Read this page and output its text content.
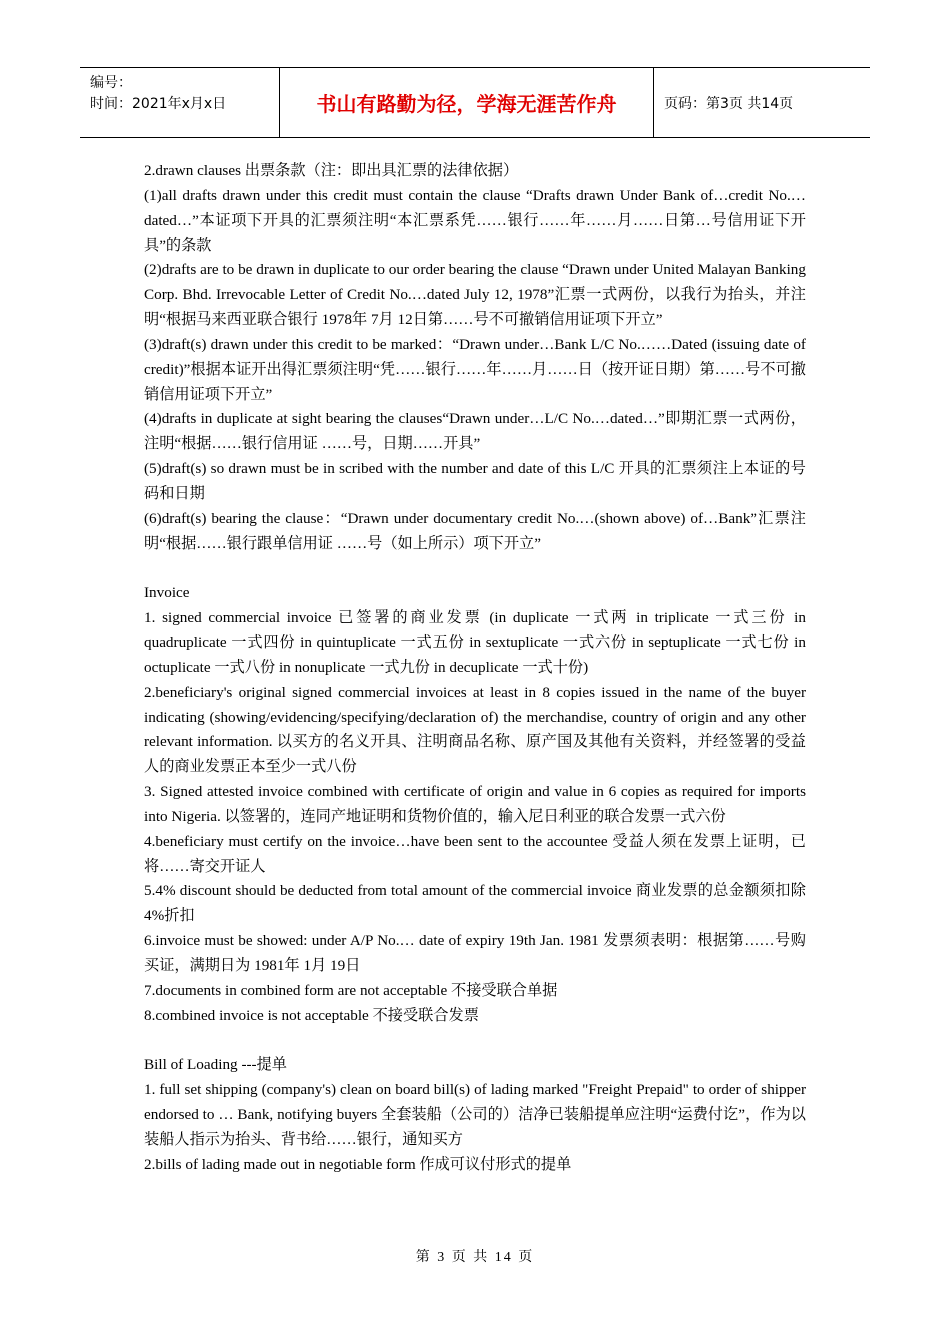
编号：
时间：2021年x月x日	书山有路勤为径，学海无涯苦作舟	页码：第3页 共14页

2.drawn clauses 出票条款（注：即出具汇票的法律依据）

(1)all drafts drawn under this credit must contain the clause “Drafts drawn Under Bank of…credit No.…dated…”本证项下开具的汇票须注明“本汇票系凭……银行……年……月……日第…号信用证下开具”的条款

(2)drafts are to be drawn in duplicate to our order bearing the clause “Drawn under United Malayan Banking Corp. Bhd. Irrevocable Letter of Credit No.…dated July 12, 1978”汇票一式两份，以我行为抬头，并注明“根据马来西亚联合银行 1978年 7月 12日第……号不可撤销信用证项下开立”

(3)draft(s) drawn under this credit to be marked：“Drawn under…Bank L/C No.……Dated (issuing date of credit)”根据本证开出得汇票须注明“凭……银行……年……月……日（按开证日期）第……号不可撤销信用证项下开立”

(4)drafts in duplicate at sight bearing the clauses“Drawn under…L/C No.…dated…”即期汇票一式两份，注明“根据……银行信用证 ……号，日期……开具”

(5)draft(s) so drawn must be in scribed with the number and date of this L/C 开具的汇票须注上本证的号码和日期

(6)draft(s) bearing the clause：“Drawn under documentary credit No.…(shown above) of…Bank”汇票注明“根据……银行跟单信用证 ……号（如上所示）项下开立”

Invoice

1. signed commercial invoice 已签署的商业发票 (in duplicate 一式两 in triplicate 一式三份 in quadruplicate 一式四份 in quintuplicate 一式五份 in sextuplicate 一式六份 in septuplicate 一式七份 in octuplicate 一式八份 in nonuplicate 一式九份 in decuplicate 一式十份)

2.beneficiary's original signed commercial invoices at least in 8 copies issued in the name of the buyer indicating (showing/evidencing/specifying/declaration of) the merchandise, country of origin and any other relevant information. 以买方的名义开具、注明商品名称、原产国及其他有关资料，并经签署的受益人的商业发票正本至少一式八份

3. Signed attested invoice combined with certificate of origin and value in 6 copies as required for imports into Nigeria. 以签署的，连同产地证明和货物价值的，输入尼日利亚的联合发票一式六份

4.beneficiary must certify on the invoice…have been sent to the accountee 受益人须在发票上证明，已将……寄交开证人

5.4% discount should be deducted from total amount of the commercial invoice 商业发票的总金额须扣除 4%折扣

6.invoice must be showed: under A/P No.… date of expiry 19th Jan. 1981 发票须表明：根据第……号购买证，满期日为 1981年 1月 19日

7.documents in combined form are not acceptable 不接受联合单据

8.combined invoice is not acceptable 不接受联合发票

Bill of Loading ---提单

1. full set shipping (company's) clean on board bill(s) of lading marked "Freight Prepaid" to order of shipper endorsed to … Bank, notifying buyers 全套装船（公司的）洁净已装船提单应注明“运费付讫”，作为以装船人指示为抬头、背书给……银行，通知买方

2.bills of lading made out in negotiable form 作成可议付形式的提单

第 3 页 共 14 页
